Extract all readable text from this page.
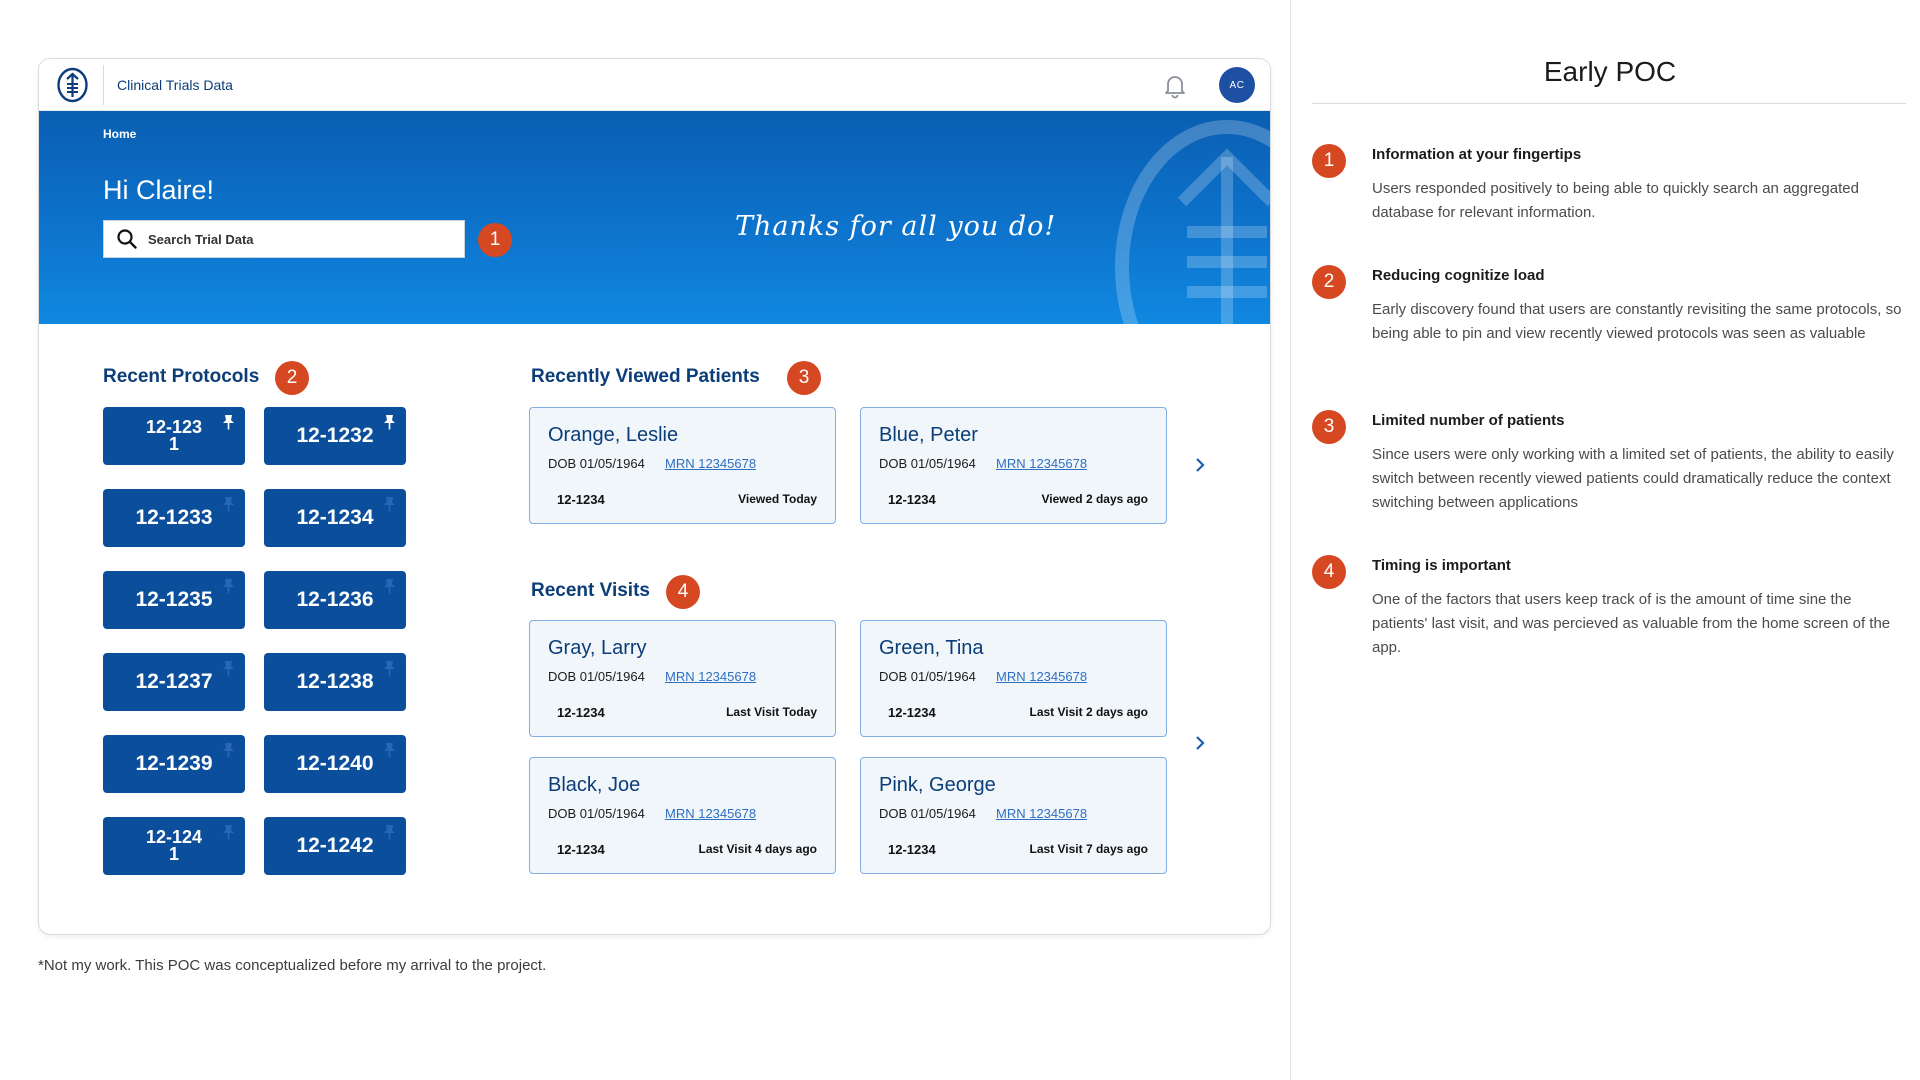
Clinical Trials Data	AC
Home
Hi Claire!
Search Trial Data
Thanks for all you do!
1
Recent Protocols	2
12-1231	12-1232
12-1233	12-1234
12-1235	12-1236
12-1237	12-1238
12-1239	12-1240
12-1241	12-1242
Recently Viewed Patients	3
Orange, Leslie
DOB 01/05/1964 MRN 12345678
12-1234	Viewed Today
Blue, Peter
DOB 01/05/1964 MRN 12345678
12-1234	Viewed 2 days ago
Recent Visits	4
Gray, Larry
DOB 01/05/1964 MRN 12345678
12-1234	Last Visit Today
Green, Tina
DOB 01/05/1964 MRN 12345678
12-1234	Last Visit 2 days ago
Black, Joe
DOB 01/05/1964 MRN 12345678
12-1234	Last Visit 4 days ago
Pink, George
DOB 01/05/1964 MRN 12345678
12-1234	Last Visit 7 days ago
*Not my work. This POC was conceptualized before my arrival to the project.
Early POC
1	Information at your fingertips
Users responded positively to being able to quickly search an aggregated database for relevant information.
2	Reducing cognitize load
Early discovery found that users are constantly revisiting the same protocols, so being able to pin and view recently viewed protocols was seen as valuable
3	Limited number of patients
Since users were only working with a limited set of patients, the ability to easily switch between recently viewed patients could dramatically reduce the context switching between applications
4	Timing is important
One of the factors that users keep track of is the amount of time sine the patients' last visit, and was percieved as valuable from the home screen of the app.
